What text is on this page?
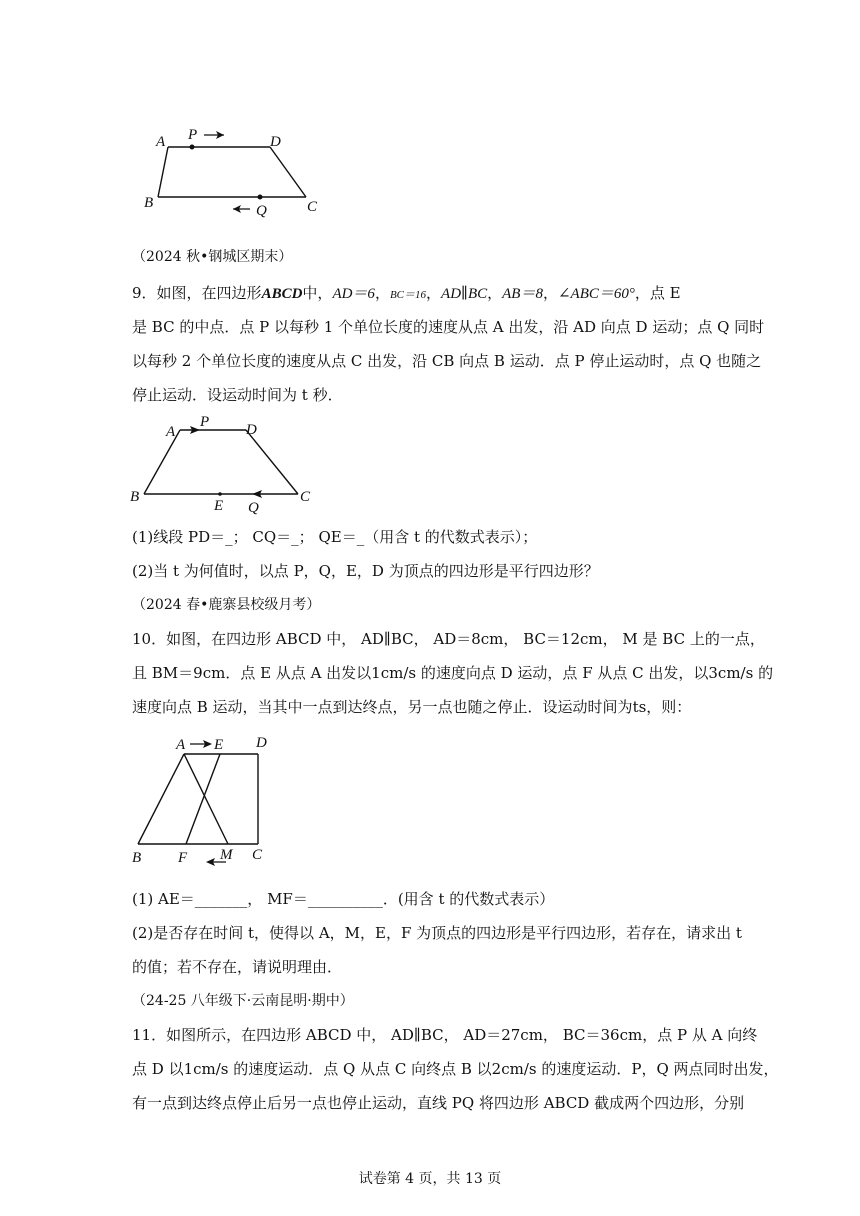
A P	D
B	Q	C
（2024 秋•钢城区期末）
9．如图，在四边形ABCD中，AD＝6，BC＝16，AD∥BC，AB＝8，∠ABC＝60°，点 E
是 BC 的中点．点 P 以每秒 1 个单位长度的速度从点 A 出发，沿 AD 向点 D 运动；点 Q 同时
以每秒 2 个单位长度的速度从点 C 出发，沿 CB 向点 B 运动．点 P 停止运动时，点 Q 也随之
停止运动．设运动时间为 t 秒．
A
P D
B
E Q
C
(1)线段 PD＝_； CQ＝_； QE＝_（用含 t 的代数式表示）；
(2)当 t 为何值时，以点 P，Q，E，D 为顶点的四边形是平行四边形？
（2024 春•鹿寨县校级月考）
10．如图，在四边形 ABCD 中， AD∥BC， AD＝8cm， BC＝12cm， M 是 BC 上的一点，
且 BM＝9cm．点 E 从点 A 出发以1cm/s 的速度向点 D 运动，点 F 从点 C 出发，以3cm/s 的
速度向点 B 运动，当其中一点到达终点，另一点也随之停止．设运动时间为ts，则：
A E D
B F M C
(1) AE＝_______， MF＝__________．(用含 t 的代数式表示）
(2)是否存在时间 t，使得以 A，M，E，F 为顶点的四边形是平行四边形，若存在，请求出 t
的值；若不存在，请说明理由．
（24-25 八年级下·云南昆明·期中）
11．如图所示，在四边形 ABCD 中， AD∥BC， AD＝27cm， BC＝36cm，点 P 从 A 向终
点 D 以1cm/s 的速度运动．点 Q 从点 C 向终点 B 以2cm/s 的速度运动．P，Q 两点同时出发，
有一点到达终点停止后另一点也停止运动，直线 PQ 将四边形 ABCD 截成两个四边形，分别
试卷第 4 页，共 13 页
